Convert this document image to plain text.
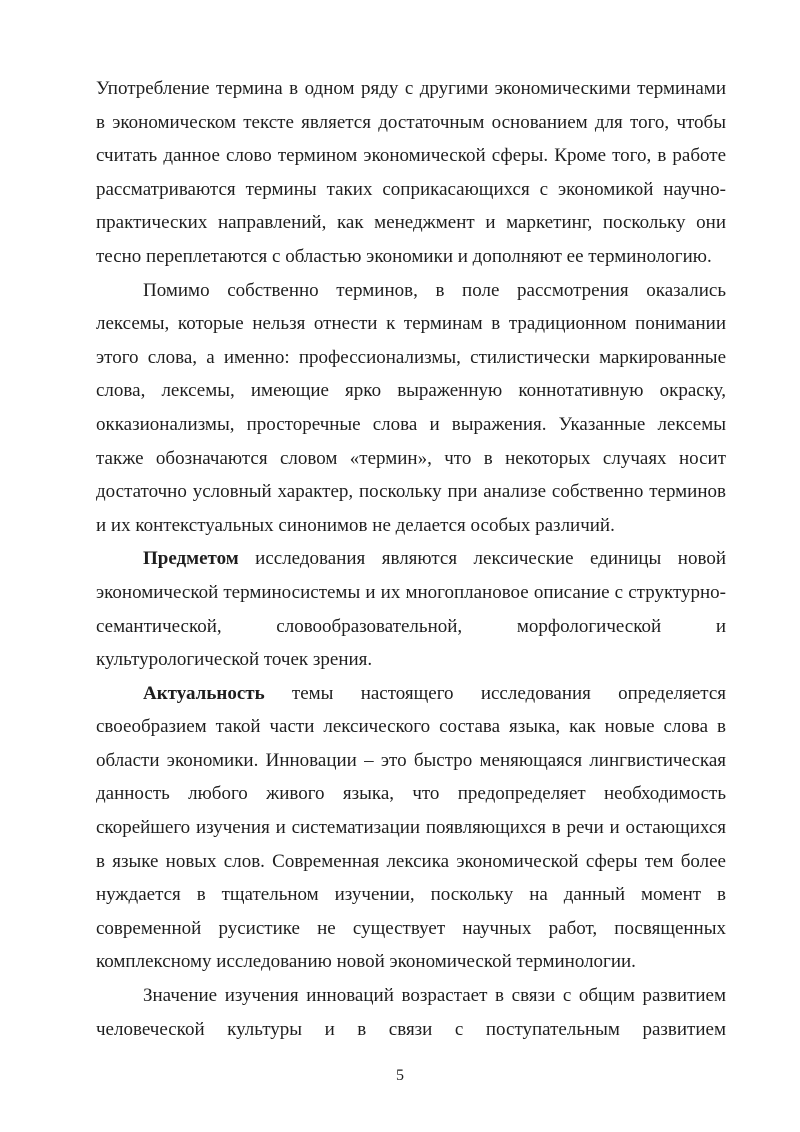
Употребление термина в одном ряду с другими экономическими терминами в экономическом тексте является достаточным основанием для того, чтобы считать данное слово термином экономической сферы. Кроме того, в работе рассматриваются термины таких соприкасающихся с экономикой научно-практических направлений, как менеджмент и маркетинг, поскольку они тесно переплетаются с областью экономики и дополняют ее терминологию.

Помимо собственно терминов, в поле рассмотрения оказались лексемы, которые нельзя отнести к терминам в традиционном понимании этого слова, а именно: профессионализмы, стилистически маркированные слова, лексемы, имеющие ярко выраженную коннотативную окраску, окказионализмы, просторечные слова и выражения. Указанные лексемы также обозначаются словом «термин», что в некоторых случаях носит достаточно условный характер, поскольку при анализе собственно терминов и их контекстуальных синонимов не делается особых различий.

Предметом исследования являются лексические единицы новой экономической терминосистемы и их многоплановое описание с структурно-семантической, словообразовательной, морфологической и культурологической точек зрения.

Актуальность темы настоящего исследования определяется своеобразием такой части лексического состава языка, как новые слова в области экономики. Инновации – это быстро меняющаяся лингвистическая данность любого живого языка, что предопределяет необходимость скорейшего изучения и систематизации появляющихся в речи и остающихся в языке новых слов. Современная лексика экономической сферы тем более нуждается в тщательном изучении, поскольку на данный момент в современной русистике не существует научных работ, посвященных комплексному исследованию новой экономической терминологии.

Значение изучения инноваций возрастает в связи с общим развитием человеческой культуры и в связи с поступательным развитием

5
